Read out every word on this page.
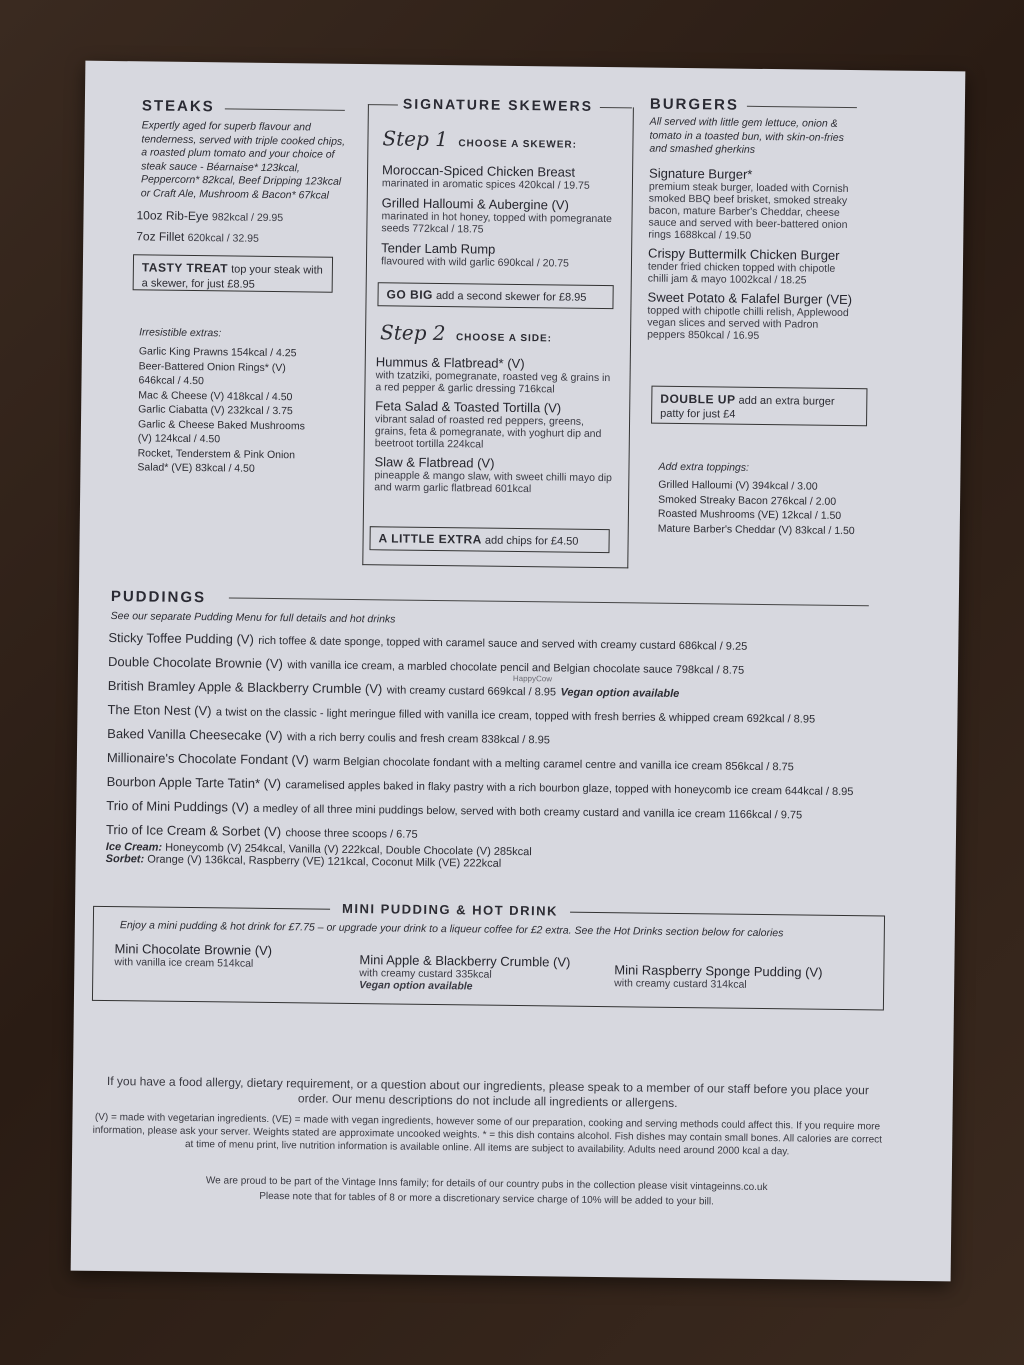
STEAKS
Expertly aged for superb flavour and tenderness, served with triple cooked chips, a roasted plum tomato and your choice of steak sauce - Béarnaise* 123kcal, Peppercorn* 82kcal, Beef Dripping 123kcal or Craft Ale, Mushroom & Bacon* 67kcal
10oz Rib-Eye 982kcal / 29.95
7oz Fillet 620kcal / 32.95
TASTY TREAT top your steak with a skewer, for just £8.95
Irresistible extras:
Garlic King Prawns 154kcal / 4.25
Beer-Battered Onion Rings* (V) 646kcal / 4.50
Mac & Cheese (V) 418kcal / 4.50
Garlic Ciabatta (V) 232kcal / 3.75
Garlic & Cheese Baked Mushrooms (V) 124kcal / 4.50
Rocket, Tenderstem & Pink Onion Salad* (VE) 83kcal / 4.50
SIGNATURE SKEWERS
Step 1 CHOOSE A SKEWER:
Moroccan-Spiced Chicken Breast
marinated in aromatic spices 420kcal / 19.75
Grilled Halloumi & Aubergine (V)
marinated in hot honey, topped with pomegranate seeds 772kcal / 18.75
Tender Lamb Rump
flavoured with wild garlic 690kcal / 20.75
GO BIG add a second skewer for £8.95
Step 2 CHOOSE A SIDE:
Hummus & Flatbread* (V)
with tzatziki, pomegranate, roasted veg & grains in a red pepper & garlic dressing 716kcal
Feta Salad & Toasted Tortilla (V)
vibrant salad of roasted red peppers, greens, grains, feta & pomegranate, with yoghurt dip and beetroot tortilla 224kcal
Slaw & Flatbread (V)
pineapple & mango slaw, with sweet chilli mayo dip and warm garlic flatbread 601kcal
A LITTLE EXTRA add chips for £4.50
BURGERS
All served with little gem lettuce, onion & tomato in a toasted bun, with skin-on-fries and smashed gherkins
Signature Burger*
premium steak burger, loaded with Cornish smoked BBQ beef brisket, smoked streaky bacon, mature Barber's Cheddar, cheese sauce and served with beer-battered onion rings 1688kcal / 19.50
Crispy Buttermilk Chicken Burger
tender fried chicken topped with chipotle chilli jam & mayo 1002kcal / 18.25
Sweet Potato & Falafel Burger (VE)
topped with chipotle chilli relish, Applewood vegan slices and served with Padron peppers 850kcal / 16.95
DOUBLE UP add an extra burger patty for just £4
Add extra toppings:
Grilled Halloumi (V) 394kcal / 3.00
Smoked Streaky Bacon 276kcal / 2.00
Roasted Mushrooms (VE) 12kcal / 1.50
Mature Barber's Cheddar (V) 83kcal / 1.50
PUDDINGS
See our separate Pudding Menu for full details and hot drinks
Sticky Toffee Pudding (V) rich toffee & date sponge, topped with caramel sauce and served with creamy custard 686kcal / 9.25
Double Chocolate Brownie (V) with vanilla ice cream, a marbled chocolate pencil and Belgian chocolate sauce 798kcal / 8.75
British Bramley Apple & Blackberry Crumble (V) with creamy custard 669kcal / 8.95 Vegan option available
HappyCow
The Eton Nest (V) a twist on the classic - light meringue filled with vanilla ice cream, topped with fresh berries & whipped cream 692kcal / 8.95
Baked Vanilla Cheesecake (V) with a rich berry coulis and fresh cream 838kcal / 8.95
Millionaire's Chocolate Fondant (V) warm Belgian chocolate fondant with a melting caramel centre and vanilla ice cream 856kcal / 8.75
Bourbon Apple Tarte Tatin* (V) caramelised apples baked in flaky pastry with a rich bourbon glaze, topped with honeycomb ice cream 644kcal / 8.95
Trio of Mini Puddings (V) a medley of all three mini puddings below, served with both creamy custard and vanilla ice cream 1166kcal / 9.75
Trio of Ice Cream & Sorbet (V) choose three scoops / 6.75
Ice Cream: Honeycomb (V) 254kcal, Vanilla (V) 222kcal, Double Chocolate (V) 285kcal
Sorbet: Orange (V) 136kcal, Raspberry (VE) 121kcal, Coconut Milk (VE) 222kcal
MINI PUDDING & HOT DRINK
Enjoy a mini pudding & hot drink for £7.75 – or upgrade your drink to a liqueur coffee for £2 extra. See the Hot Drinks section below for calories
Mini Chocolate Brownie (V)
with vanilla ice cream 514kcal	Mini Apple & Blackberry Crumble (V)
with creamy custard 335kcal
Vegan option available
Mini Raspberry Sponge Pudding (V)
with creamy custard 314kcal
If you have a food allergy, dietary requirement, or a question about our ingredients, please speak to a member of our staff before you place your order. Our menu descriptions do not include all ingredients or allergens.
(V) = made with vegetarian ingredients. (VE) = made with vegan ingredients, however some of our preparation, cooking and serving methods could affect this. If you require more information, please ask your server. Weights stated are approximate uncooked weights. * = this dish contains alcohol. Fish dishes may contain small bones. All calories are correct at time of menu print, live nutrition information is available online. All items are subject to availability. Adults need around 2000 kcal a day.
We are proud to be part of the Vintage Inns family; for details of our country pubs in the collection please visit vintageinns.co.uk
Please note that for tables of 8 or more a discretionary service charge of 10% will be added to your bill.
